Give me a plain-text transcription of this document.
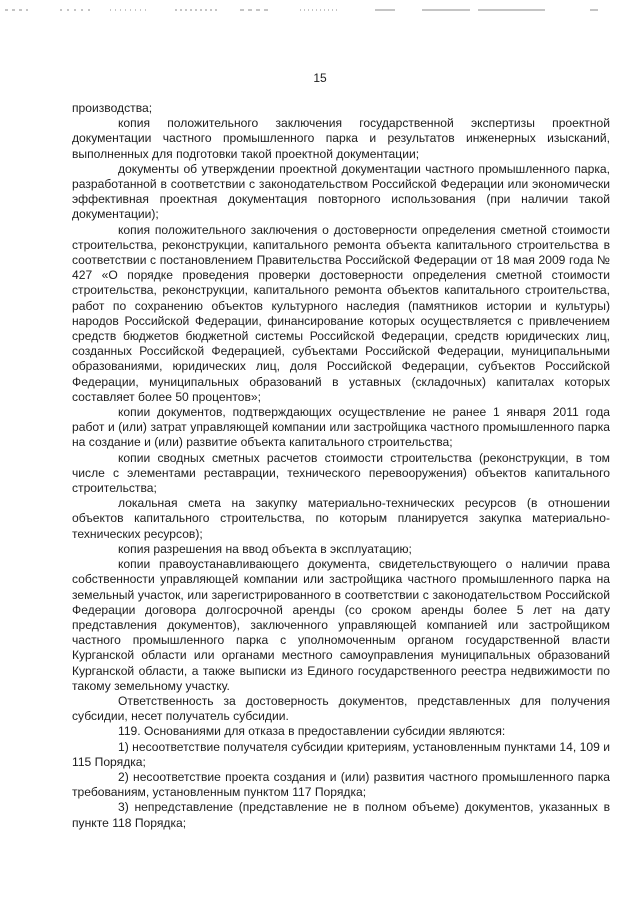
15

производства;

копия положительного заключения государственной экспертизы проектной документации частного промышленного парка и результатов инженерных изысканий, выполненных для подготовки такой проектной документации;

документы об утверждении проектной документации частного промышленного парка, разработанной в соответствии с законодательством Российской Федерации или экономически эффективная проектная документация повторного использования (при наличии такой документации);

копия положительного заключения о достоверности определения сметной стоимости строительства, реконструкции, капитального ремонта объекта капитального строительства в соответствии с постановлением Правительства Российской Федерации от 18 мая 2009 года № 427 «О порядке проведения проверки достоверности определения сметной стоимости строительства, реконструкции, капитального ремонта объектов капитального строительства, работ по сохранению объектов культурного наследия (памятников истории и культуры) народов Российской Федерации, финансирование которых осуществляется с привлечением средств бюджетов бюджетной системы Российской Федерации, средств юридических лиц, созданных Российской Федерацией, субъектами Российской Федерации, муниципальными образованиями, юридических лиц, доля Российской Федерации, субъектов Российской Федерации, муниципальных образований в уставных (складочных) капиталах которых составляет более 50 процентов»;

копии документов, подтверждающих осуществление не ранее 1 января 2011 года работ и (или) затрат управляющей компании или застройщика частного промышленного парка на создание и (или) развитие объекта капитального строительства;

копии сводных сметных расчетов стоимости строительства (реконструкции, в том числе с элементами реставрации, технического перевооружения) объектов капитального строительства;

локальная смета на закупку материально-технических ресурсов (в отношении объектов капитального строительства, по которым планируется закупка материально-технических ресурсов);

копия разрешения на ввод объекта в эксплуатацию;

копии правоустанавливающего документа, свидетельствующего о наличии права собственности управляющей компании или застройщика частного промышленного парка на земельный участок, или зарегистрированного в соответствии с законодательством Российской Федерации договора долгосрочной аренды (со сроком аренды более 5 лет на дату представления документов), заключенного управляющей компанией или застройщиком частного промышленного парка с уполномоченным органом государственной власти Курганской области или органами местного самоуправления муниципальных образований Курганской области, а также выписки из Единого государственного реестра недвижимости по такому земельному участку.

Ответственность за достоверность документов, представленных для получения субсидии, несет получатель субсидии.

119. Основаниями для отказа в предоставлении субсидии являются:

1) несоответствие получателя субсидии критериям, установленным пунктами 14, 109 и 115 Порядка;

2) несоответствие проекта создания и (или) развития частного промышленного парка требованиям, установленным пунктом 117 Порядка;

3) непредставление (представление не в полном объеме) документов, указанных в пункте 118 Порядка;
